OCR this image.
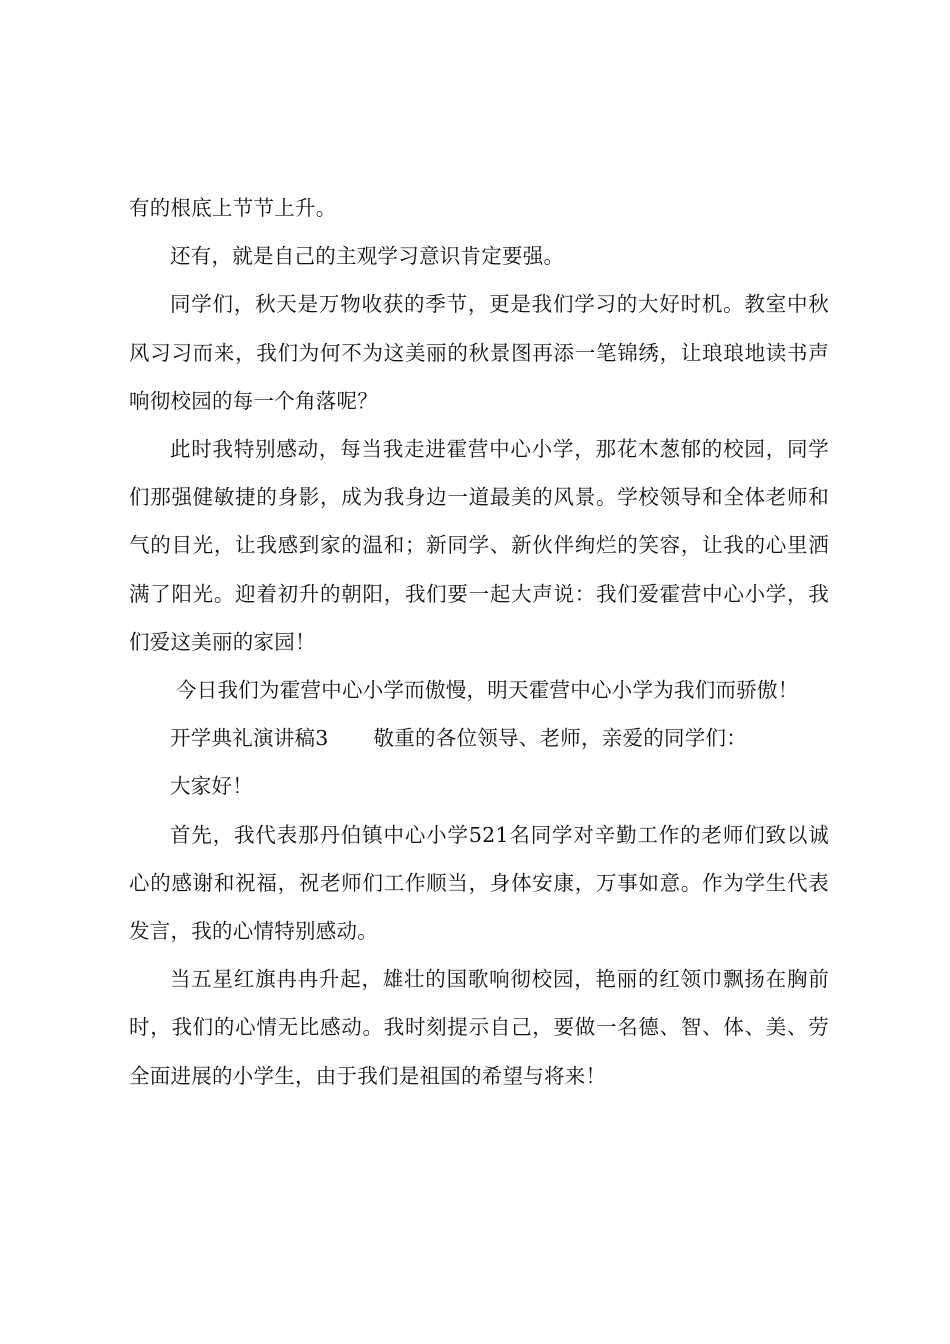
有的根底上节节上升。

还有，就是自己的主观学习意识肯定要强。

同学们，秋天是万物收获的季节，更是我们学习的大好时机。教室中秋风习习而来，我们为何不为这美丽的秋景图再添一笔锦绣，让琅琅地读书声响彻校园的每一个角落呢？

此时我特别感动，每当我走进霍营中心小学，那花木葱郁的校园，同学们那强健敏捷的身影，成为我身边一道最美的风景。学校领导和全体老师和气的目光，让我感到家的温和；新同学、新伙伴绚烂的笑容，让我的心里洒满了阳光。迎着初升的朝阳，我们要一起大声说：我们爱霍营中心小学，我们爱这美丽的家园！

今日我们为霍营中心小学而傲慢，明天霍营中心小学为我们而骄傲！

开学典礼演讲稿3 敬重的各位领导、老师，亲爱的同学们：

大家好！

首先，我代表那丹伯镇中心小学521名同学对辛勤工作的老师们致以诚心的感谢和祝福，祝老师们工作顺当，身体安康，万事如意。作为学生代表发言，我的心情特别感动。

当五星红旗冉冉升起，雄壮的国歌响彻校园，艳丽的红领巾飘扬在胸前时，我们的心情无比感动。我时刻提示自己，要做一名德、智、体、美、劳全面进展的小学生，由于我们是祖国的希望与将来！
